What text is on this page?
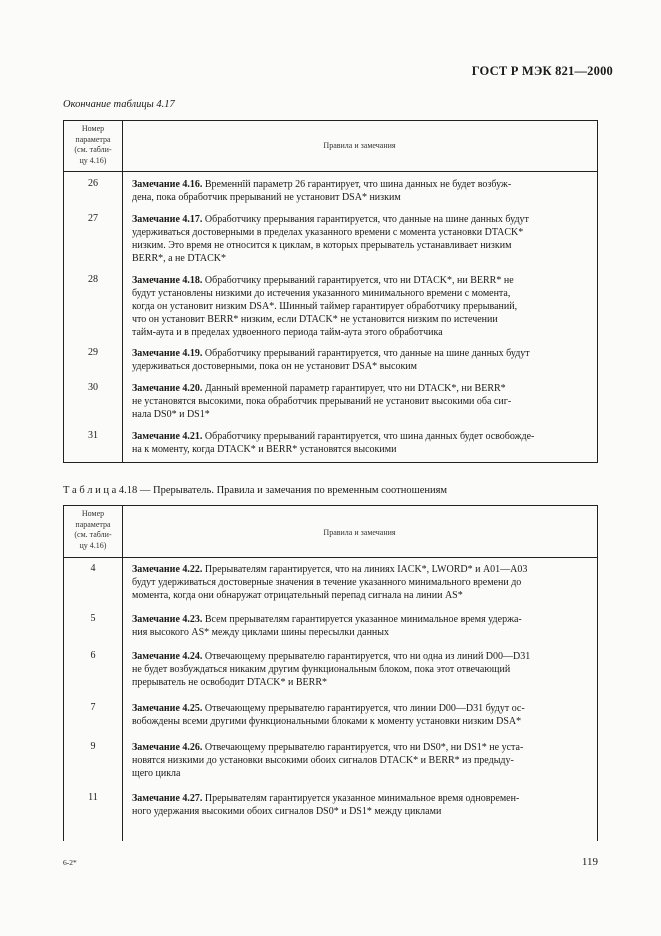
ГОСТ Р МЭК 821—2000
Окончание таблицы 4.17
Номер
параметра
(см. табли-
цу 4.16)
Правила и замечания
26	Замечание 4.16. Временнîй параметр 26 гарантирует, что шина данных не будет возбуж-
дена, пока обработчик прерываний не установит DSA* низким
27	Замечание 4.17. Обработчику прерывания гарантируется, что данные на шине данных будут
удерживаться достоверными в пределах указанного времени с момента установки DTACK*
низким. Это время не относится к циклам, в которых прерыватель устанавливает низким
BERR*, а не DTACK*
28	Замечание 4.18. Обработчику прерываний гарантируется, что ни DTACK*, ни BERR* не
будут установлены низкими до истечения указанного минимального времени с момента,
когда он установит низким DSA*. Шинный таймер гарантирует обработчику прерываний,
что он установит BERR* низким, если DTACK* не установится низким по истечении
тайм-аута и в пределах удвоенного периода тайм-аута этого обработчика
29	Замечание 4.19. Обработчику прерываний гарантируется, что данные на шине данных будут
удерживаться достоверными, пока он не установит DSA* высоким
30	Замечание 4.20. Данный временной параметр гарантирует, что ни DTACK*, ни BERR*
не установятся высокими, пока обработчик прерываний не установит высокими оба сиг-
нала DS0* и DS1*
31	Замечание 4.21. Обработчику прерываний гарантируется, что шина данных будет освобожде-
на к моменту, когда DTACK* и BERR* установятся высокими
Т а б л и ц а 4.18 — Прерыватель. Правила и замечания по временным соотношениям
Номер
параметра
(см. табли-
цу 4.16)
Правила и замечания
4	Замечание 4.22. Прерывателям гарантируется, что на линиях IACK*, LWORD* и A01—A03
будут удерживаться достоверные значения в течение указанного минимального времени до
момента, когда они обнаружат отрицательный перепад сигнала на линии AS*
5	Замечание 4.23. Всем прерывателям гарантируется указанное минимальное время удержа-
ния высокого AS* между циклами шины пересылки данных
6	Замечание 4.24. Отвечающему прерывателю гарантируется, что ни одна из линий D00—D31
не будет возбуждаться никаким другим функциональным блоком, пока этот отвечающий
прерыватель не освободит DTACK* и BERR*
7	Замечание 4.25. Отвечающему прерывателю гарантируется, что линии D00—D31 будут ос-
вобождены всеми другими функциональными блоками к моменту установки низким DSA*
9	Замечание 4.26. Отвечающему прерывателю гарантируется, что ни DS0*, ни DS1* не уста-
новятся низкими до установки высокими обоих сигналов DTACK* и BERR* из предыду-
щего цикла
11	Замечание 4.27. Прерывателям гарантируется указанное минимальное время одновремен-
ного удержания высокими обоих сигналов DS0* и DS1* между циклами
6-2*	119
